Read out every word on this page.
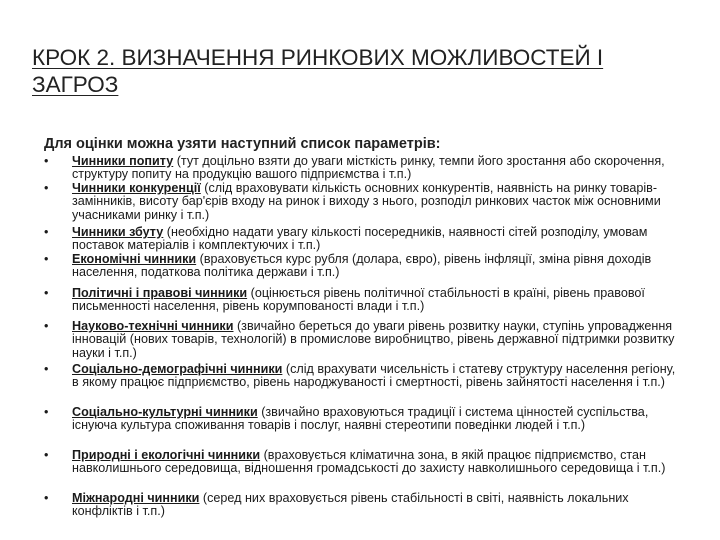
КРОК 2. ВИЗНАЧЕННЯ РИНКОВИХ МОЖЛИВОСТЕЙ І ЗАГРОЗ
Для оцінки можна узяти наступний список параметрів:
• Чинники попиту (тут доцільно взяти до уваги місткість ринку, темпи його зростання або скорочення, структуру попиту на продукцію вашого підприємства і т.п.)
• Чинники конкуренції (слід враховувати кількість основних конкурентів, наявність на ринку товарів-замінників, висоту бар'єрів входу на ринок і виходу з нього, розподіл ринкових часток між основними учасниками ринку і т.п.)
• Чинники збуту (необхідно надати увагу кількості посередників, наявності сітей розподілу, умовам поставок матеріалів і комплектуючих і т.п.)
• Економічні чинники (враховується курс рубля (долара, євро), рівень інфляції, зміна рівня доходів населення, податкова політика держави і т.п.)
• Політичні і правові чинники (оцінюється рівень політичної стабільності в країні, рівень правової письменності населення, рівень корумпованості влади і т.п.)
• Науково-технічні чинники (звичайно береться до уваги рівень розвитку науки, ступінь упровадження інновацій (нових товарів, технологій) в промислове виробництво, рівень державної підтримки розвитку науки і т.п.)
• Соціально-демографічні чинники (слід врахувати чисельність і статеву структуру населення регіону, в якому працює підприємство, рівень народжуваності і смертності, рівень зайнятості населення і т.п.)
• Соціально-культурні чинники (звичайно враховуються традиції і система цінностей суспільства, існуюча культура споживання товарів і послуг, наявні стереотипи поведінки людей і т.п.)
• Природні і екологічні чинники (враховується кліматична зона, в якій працює підприємство, стан навколишнього середовища, відношення громадськості до захисту навколишнього середовища і т.п.)
• Міжнародні чинники (серед них враховується рівень стабільності в світі, наявність локальних конфліктів і т.п.)
